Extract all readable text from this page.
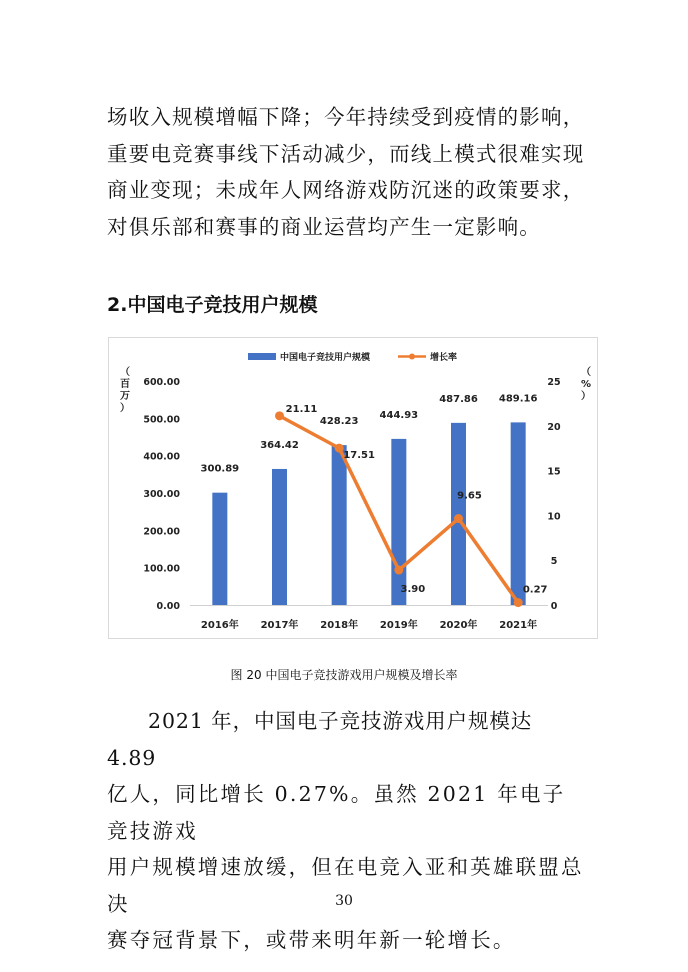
场收入规模增幅下降；今年持续受到疫情的影响，

重要电竞赛事线下活动减少，而线上模式很难实现

商业变现；未成年人网络游戏防沉迷的政策要求，

对俱乐部和赛事的商业运营均产生一定影响。

2.中国电子竞技用户规模
中国电子竞技用户规模	增长率
（
百
万
）
（
%
）
0.00
100.00
200.00
300.00
400.00
500.00
600.00
0
5
10
15
20
25
2016年 2017年 2018年 2019年 2020年 2021年
300.89
364.42
428.23
444.93
487.86 489.16
21.11
17.51
3.90
9.65
0.27

图 20 中国电子竞技游戏用户规模及增长率

2021 年，中国电子竞技游戏用户规模达 4.89

亿人，同比增长 0.27%。虽然 2021 年电子竞技游戏

用户规模增速放缓，但在电竞入亚和英雄联盟总决

赛夺冠背景下，或带来明年新一轮增长。

30
